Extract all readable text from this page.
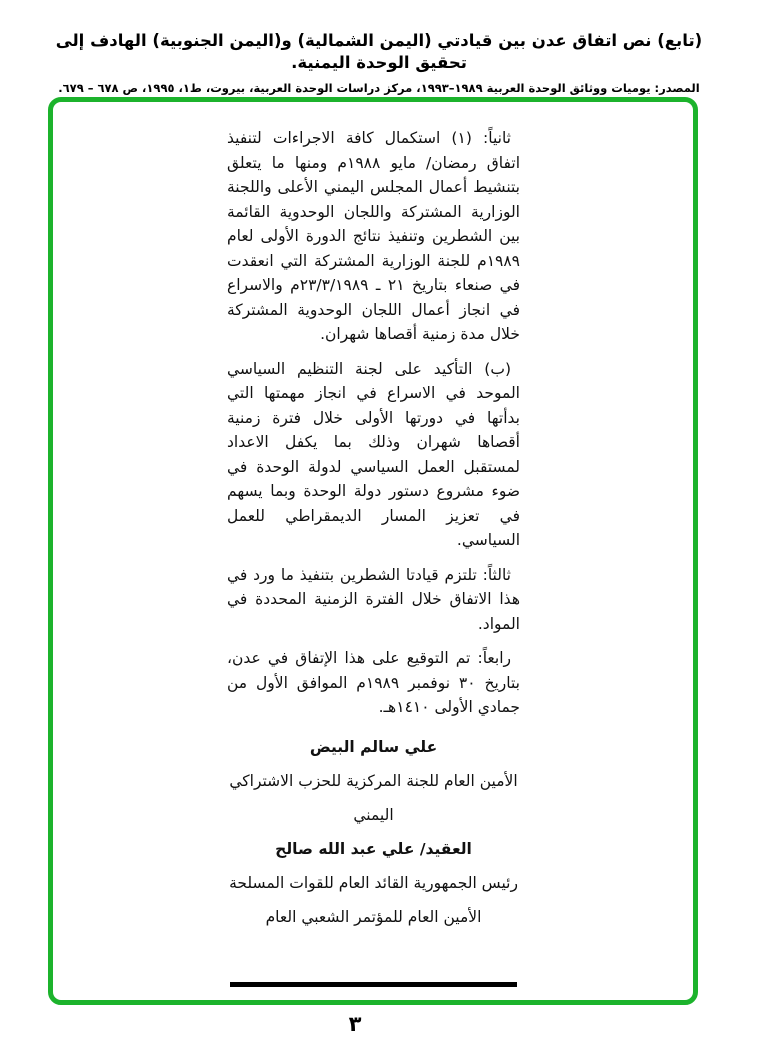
(تابع) نص اتفاق عدن بين قيادتي (اليمن الشمالية) و(اليمن الجنوبية) الهادف إلى تحقيق الوحدة اليمنية.
المصدر: يوميات ووثائق الوحدة العربية ١٩٨٩–١٩٩٣، مركز دراسات الوحدة العربية، بيروت، ط١، ١٩٩٥، ص ٦٧٨ – ٦٧٩.

ثانياً: (١) استكمال كافة الاجراءات لتنفيذ اتفاق رمضان/ مايو ١٩٨٨م ومنها ما يتعلق بتنشيط أعمال المجلس اليمني الأعلى واللجنة الوزارية المشتركة واللجان الوحدوية القائمة بين الشطرين وتنفيذ نتائج الدورة الأولى لعام ١٩٨٩م للجنة الوزارية المشتركة التي انعقدت في صنعاء بتاريخ ٢١ ـ ٢٣/٣/١٩٨٩م والاسراع في انجاز أعمال اللجان الوحدوية المشتركة خلال مدة زمنية أقصاها شهران.

(ب) التأكيد على لجنة التنظيم السياسي الموحد في الاسراع في انجاز مهمتها التي بدأتها في دورتها الأولى خلال فترة زمنية أقصاها شهران وذلك بما يكفل الاعداد لمستقبل العمل السياسي لدولة الوحدة في ضوء مشروع دستور دولة الوحدة وبما يسهم في تعزيز المسار الديمقراطي للعمل السياسي.

ثالثاً: تلتزم قيادتا الشطرين بتنفيذ ما ورد في هذا الاتفاق خلال الفترة الزمنية المحددة في المواد.

رابعاً: تم التوقيع على هذا الإتفاق في عدن، بتاريخ ٣٠ نوفمبر ١٩٨٩م الموافق الأول من جمادي الأولى ١٤١٠هـ.

علي سالم البيض
الأمين العام للجنة المركزية للحزب الاشتراكي اليمني
العقيد/ علي عبد الله صالح
رئيس الجمهورية القائد العام للقوات المسلحة
الأمين العام للمؤتمر الشعبي العام
٣
